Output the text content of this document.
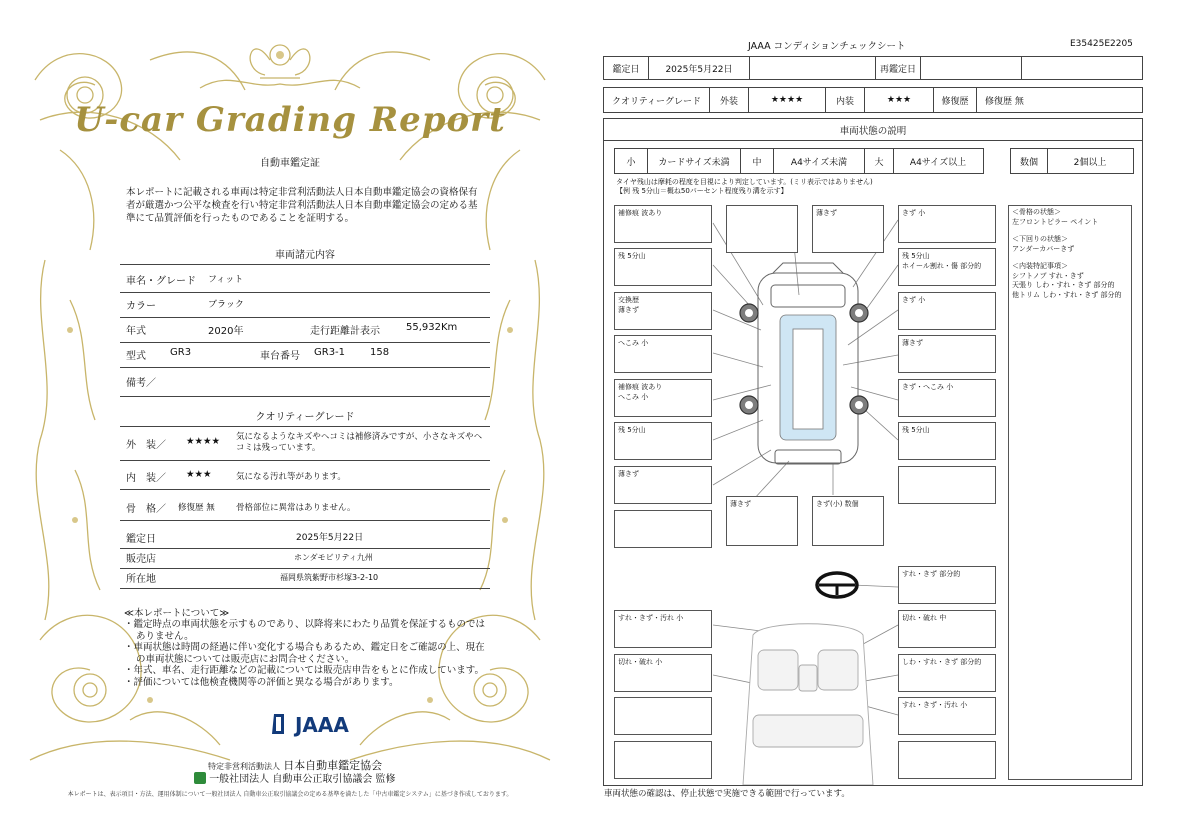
U-car Grading Report
自動車鑑定証
本レポートに記載される車両は特定非営利活動法人日本自動車鑑定協会の資格保有者が厳選かつ公平な検査を行い特定非営利活動法人日本自動車鑑定協会の定める基準にて品質評価を行ったものであることを証明する。
車両諸元内容
車名・グレード フィット
カラー	ブラック
年式	2020年	走行距離計表示	55,932Km
型式 GR3	車台番号 GR3-1 158
備考／
クオリティーグレード
外　装／ ★★★★ 気になるようなキズやヘコミは補修済みですが、小さなキズやヘコミは残っています。
内　装／ ★★★	気になる汚れ等があります。
骨　格／ 修復歴 無	骨格部位に異常はありません。
鑑定日	2025年5月22日
販売店	ホンダモビリティ九州
所在地	福岡県筑紫野市杉塚3-2-10
≪本レポートについて≫
・鑑定時点の車両状態を示すものであり、以降将来にわたり品質を保証するものではありません。
・車両状態は時間の経過に伴い変化する場合もあるため、鑑定日をご確認の上、現在の車両状態については販売店にお問合せください。
・年式、車名、走行距離などの記載については販売店申告をもとに作成しています。
・評価については他検査機関等の評価と異なる場合があります。
JAAA
特定非営利活動法人 日本自動車鑑定協会
一般社団法人 自動車公正取引協議会 監修
本レポートは、表示項目・方法、運用体制について一般社団法人 自動車公正取引協議会の定める基準を満たした「中古車鑑定システム」に基づき作成しております。
JAAA コンディションチェックシート	E35425E2205
鑑定日	2025年5月22日	再鑑定日
クオリティーグレード	外装	★★★★	内装	★★★	修復歴	修復歴 無
車両状態の説明
小	カードサイズ未満	中	A4サイズ未満	大	A4サイズ以上	数個	2個以上
タイヤ残山は摩耗の程度を目視により判定しています。(ミリ表示ではありません)
【例 残 5分山＝概ね50パーセント程度残り溝を示す】
補修痕 波あり
残 5分山
交換歴
薄きず
へこみ 小
補修痕 波あり
へこみ 小
残 5分山
薄きず
薄きず
薄きず	きず(小) 数個
きず 小
残 5分山
ホイール割れ・傷 部分的
きず 小
薄きず
きず・へこみ 小
残 5分山
すれ・きず 部分的
すれ・きず・汚れ 小
切れ・破れ 小
切れ・破れ 中
しわ・すれ・きず 部分的
すれ・きず・汚れ 小
＜骨格の状態＞
左フロントピラー ペイント
＜下回りの状態＞
アンダーカバーきず
＜内装特記事項＞
シフトノブ すれ・きず
天張り しわ・すれ・きず 部分的
他トリム しわ・すれ・きず 部分的
車両状態の確認は、停止状態で実施できる範囲で行っています。
